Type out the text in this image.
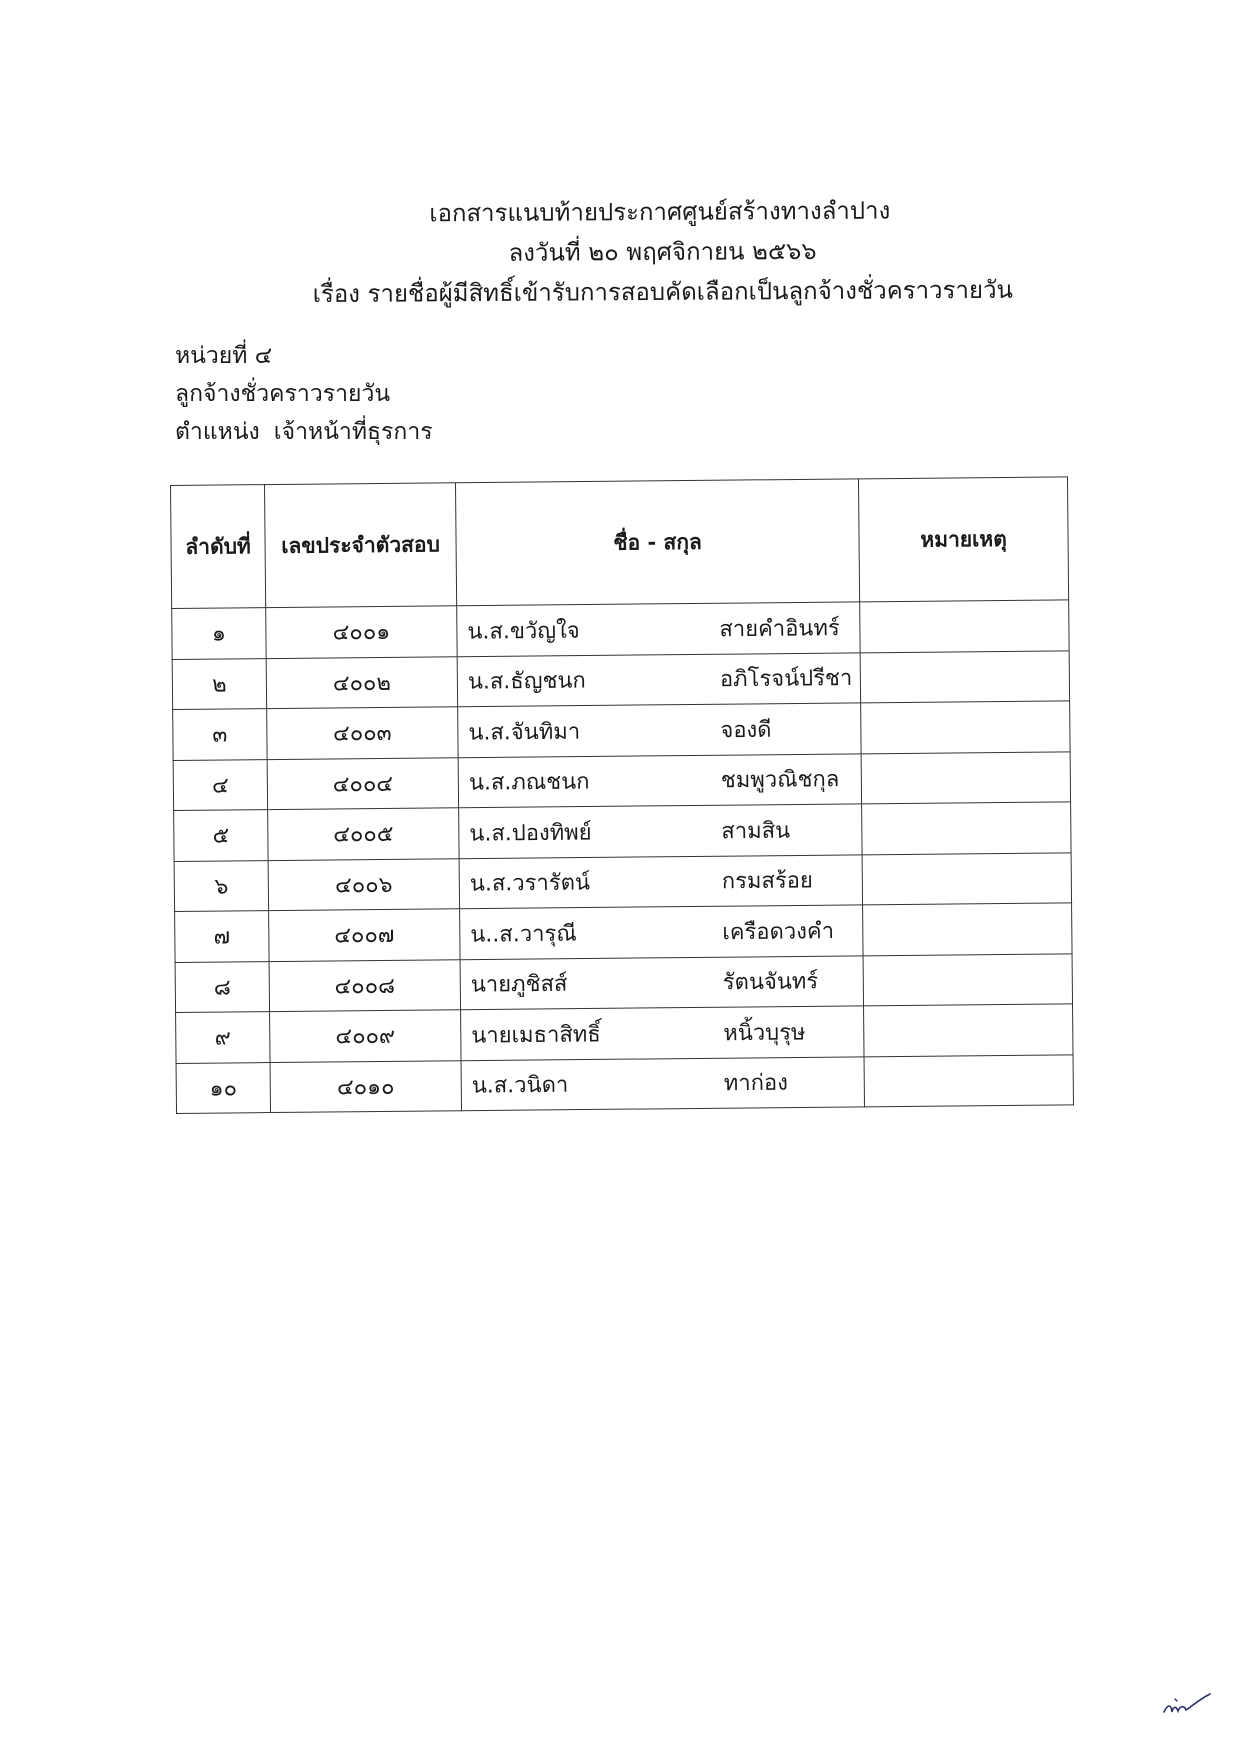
เอกสารแนบท้ายประกาศศูนย์สร้างทางลำปาง
ลงวันที่ ๒๐ พฤศจิกายน ๒๕๖๖
เรื่อง รายชื่อผู้มีสิทธิ์เข้ารับการสอบคัดเลือกเป็นลูกจ้างชั่วคราวรายวัน
หน่วยที่ ๔
ลูกจ้างชั่วคราวรายวัน
ตำแหน่ง เจ้าหน้าที่ธุรการ
ลำดับที่	เลขประจำตัวสอบ	ชื่อ - สกุล	หมายเหตุ
๑	๔๐๐๑	น.ส.ขวัญใจ สายคำอินทร์	

๒	๔๐๐๒	น.ส.ธัญชนก อภิโรจน์ปรีชา	

๓	๔๐๐๓	น.ส.จันทิมา จองดี	

๔	๔๐๐๔	น.ส.ภณชนก ชมพูวณิชกุล	

๕	๔๐๐๕	น.ส.ปองทิพย์ สามสิน	

๖	๔๐๐๖	น.ส.วรารัตน์ กรมสร้อย	

๗	๔๐๐๗	น..ส.วารุณี เครือดวงคำ	

๘	๔๐๐๘	นายภูชิสส์ รัตนจันทร์	

๙	๔๐๐๙	นายเมธาสิทธิ์ หนิ้วบุรุษ	

๑๐	๔๐๑๐	น.ส.วนิดา ทาก่อง	
